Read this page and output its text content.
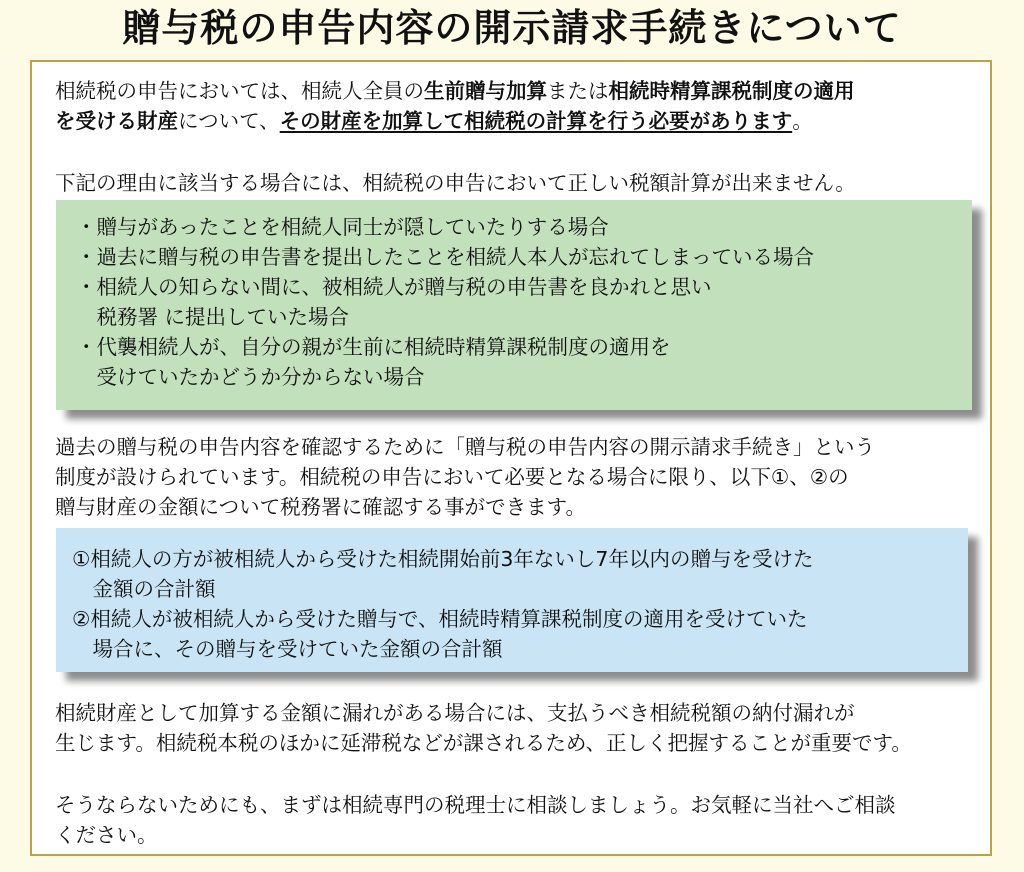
贈与税の申告内容の開示請求手続きについて
相続税の申告においては、相続人全員の生前贈与加算または相続時精算課税制度の適用
を受ける財産について、その財産を加算して相続税の計算を行う必要があります。
下記の理由に該当する場合には、相続税の申告において正しい税額計算が出来ません。
・贈与があったことを相続人同士が隠していたりする場合
・過去に贈与税の申告書を提出したことを相続人本人が忘れてしまっている場合
・相続人の知らない間に、被相続人が贈与税の申告書を良かれと思い
　税務署 に提出していた場合
・代襲相続人が、自分の親が生前に相続時精算課税制度の適用を
　受けていたかどうか分からない場合
過去の贈与税の申告内容を確認するために「贈与税の申告内容の開示請求手続き」という
制度が設けられています。相続税の申告において必要となる場合に限り、以下①、②の
贈与財産の金額について税務署に確認する事ができます。
①相続人の方が被相続人から受けた相続開始前3年ないし7年以内の贈与を受けた
　金額の合計額
②相続人が被相続人から受けた贈与で、相続時精算課税制度の適用を受けていた
　場合に、その贈与を受けていた金額の合計額
相続財産として加算する金額に漏れがある場合には、支払うべき相続税額の納付漏れが
生じます。相続税本税のほかに延滞税などが課されるため、正しく把握することが重要です。
そうならないためにも、まずは相続専門の税理士に相談しましょう。お気軽に当社へご相談
ください。
